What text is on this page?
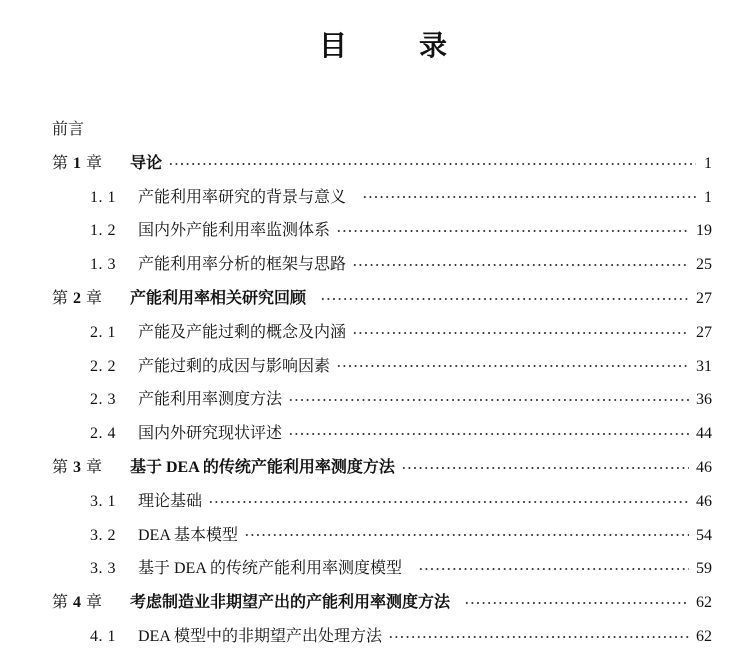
目	录
前言
第 1 章	导论	1
1. 1	产能利用率研究的背景与意义	1
1. 2	国内外产能利用率监测体系	19
1. 3	产能利用率分析的框架与思路	25
第 2 章	产能利用率相关研究回顾	27
2. 1	产能及产能过剩的概念及内涵	27
2. 2	产能过剩的成因与影响因素	31
2. 3	产能利用率测度方法	36
2. 4	国内外研究现状评述	44
第 3 章	基于 DEA 的传统产能利用率测度方法	46
3. 1	理论基础	46
3. 2	DEA 基本模型	54
3. 3	基于 DEA 的传统产能利用率测度模型	59
第 4 章	考虑制造业非期望产出的产能利用率测度方法	62
4. 1	DEA 模型中的非期望产出处理方法	62
